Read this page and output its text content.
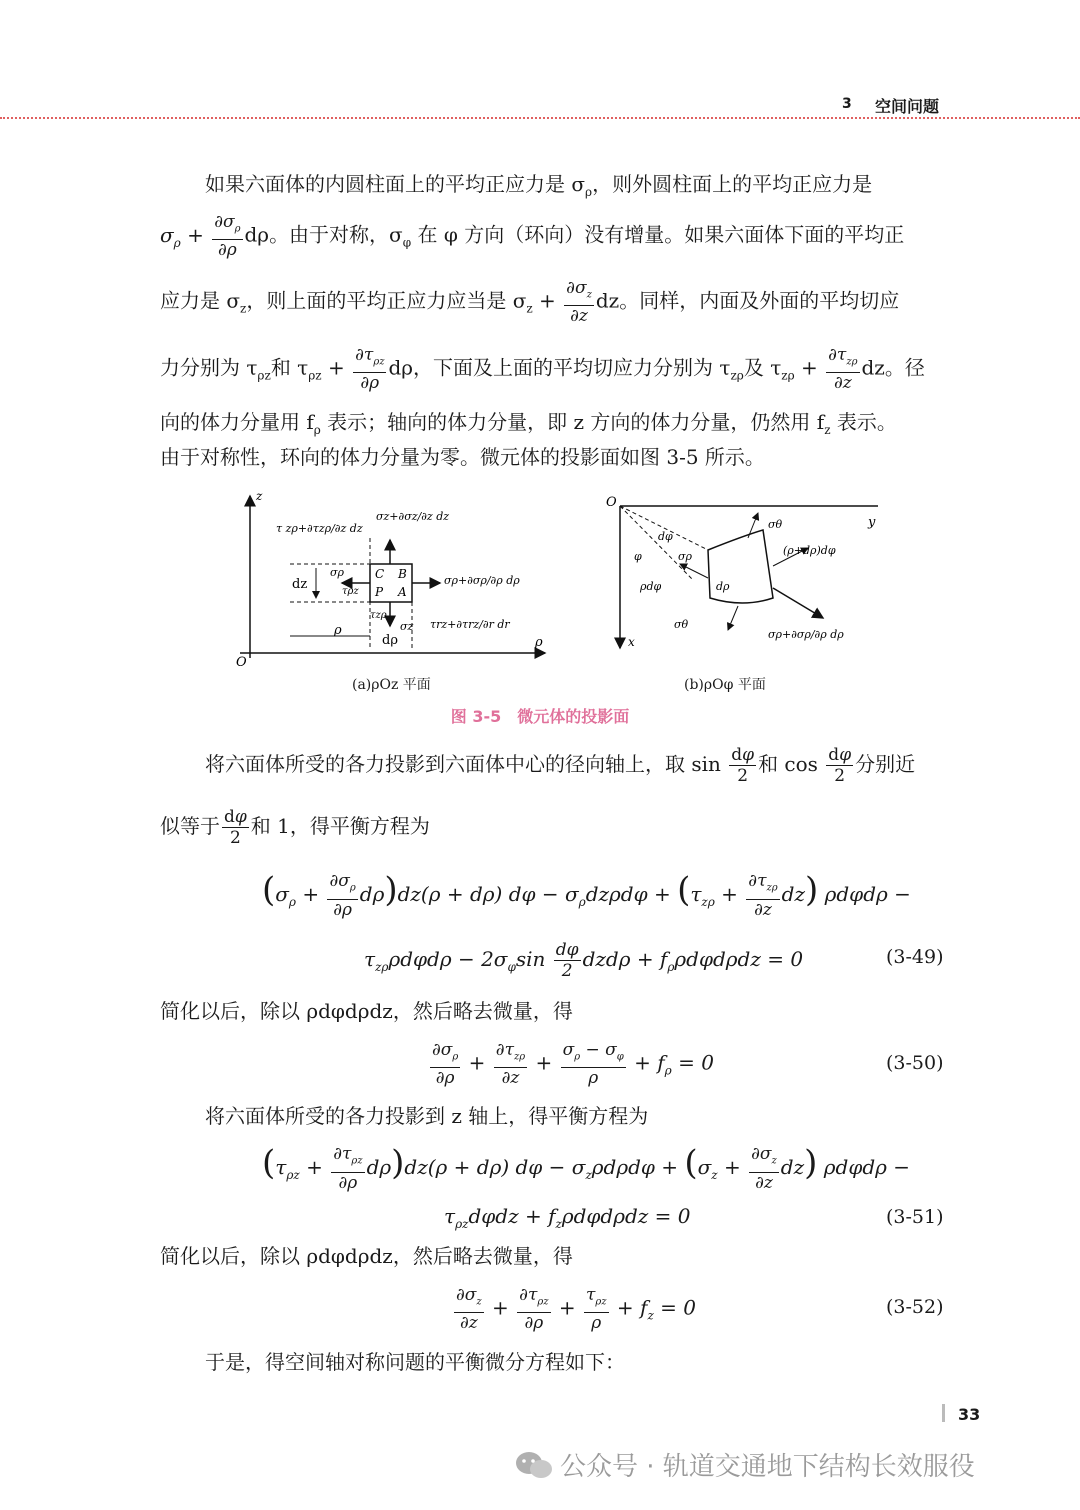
3 空间问题
如果六面体的内圆柱面上的平均正应力是 $\sigma_\rho$，则外圆柱面上的平均正应力是
$\sigma_\rho + \frac{\partial\sigma_\rho}{\partial\rho}$ dρ。由于对称，$\sigma_\varphi$ 在 φ 方向（环向）没有增量。如果六面体下面的平均正
应力是 $\sigma_z$，则上面的平均正应力应当是 $\sigma_z + \frac{\partial\sigma_z}{\partial z}$ dz。同样，内面及外面的平均切应
力分别为 $\tau_{\rho z}$和 $\tau_{\rho z} + \frac{\partial\tau_{\rho z}}{\partial\rho}$ dρ，下面及上面的平均切应力分别为 $\tau_{z\rho}$及 $\tau_{z\rho} + \frac{\partial\tau_{z\rho}}{\partial z}$ dz。径
向的体力分量用 $f_\rho$ 表示；轴向的体力分量，即 z 方向的体力分量，仍然用 $f_z$ 表示。
由于对称性，环向的体力分量为零。微元体的投影面如图 3-5 所示。
z
O
ρ
C B
P A
dz
ρ
dρ
τ zρ+∂τzρ/∂z dz
σz+∂σz/∂z dz
σρ+∂σρ/∂ρ dρ
τrz+∂τrz/∂r dr
σρ
τρz
σz
τzρ
(a)ρOz 平面
O
y
x
σθ
(ρ+dρ)dφ
dφ
φ	σρ
ρdφ	dρ
σθ
σρ+∂σρ/∂ρ dρ
(b)ρOφ 平面
图 3-5　微元体的投影面
将六面体所受的各力投影到六面体中心的径向轴上，取 $\sin \frac{d\varphi}{2}$ 和 $\cos \frac{d\varphi}{2}$ 分别近
似等于 $\frac{d\varphi}{2}$ 和 1，得平衡方程为
$(\sigma_\rho + \frac{\partial\sigma_\rho}{\partial\rho} d\rho)dz(\rho + d\rho) d\varphi - \sigma_\rho dz\rho d\varphi + (\tau_{z\rho} + \frac{\partial\tau_{z\rho}}{\partial z} dz) \rho d\varphi d\rho$ −
$\tau_{z\rho}\rho d\varphi d\rho - 2\sigma_\varphi\sin \frac{d\varphi}{2}$ $dzd\rho + f_\rho\rho d\varphi d\rho dz = 0$	(3-49)
简化以后，除以 ρdφdρdz，然后略去微量，得
$\frac{\partial\sigma_\rho}{\partial\rho} + \frac{\partial\tau_{z\rho}}{\partial z} + \frac{\sigma_\rho - \sigma_\varphi}{\rho} + f_\rho = 0$	(3-50)
将六面体所受的各力投影到 z 轴上，得平衡方程为
$(\tau_{\rho z} + \frac{\partial\tau_{\rho z}}{\partial\rho} d\rho)dz(\rho + d\rho) d\varphi - \sigma_z\rho d\rho d\varphi + (\sigma_z + \frac{\partial\sigma_z}{\partial z} dz) \rho d\varphi d\rho$ −
$\tau_{\rho z}d\varphi dz + f_z\rho d\varphi d\rho dz = 0$	(3-51)
简化以后，除以 ρdφdρdz，然后略去微量，得
$\frac{\partial\sigma_z}{\partial z} + \frac{\partial\tau_{\rho z}}{\partial\rho} + \frac{\tau_{\rho z}}{\rho} + f_z = 0$	(3-52)
于是，得空间轴对称问题的平衡微分方程如下：
33
公众号 · 轨道交通地下结构长效服役
